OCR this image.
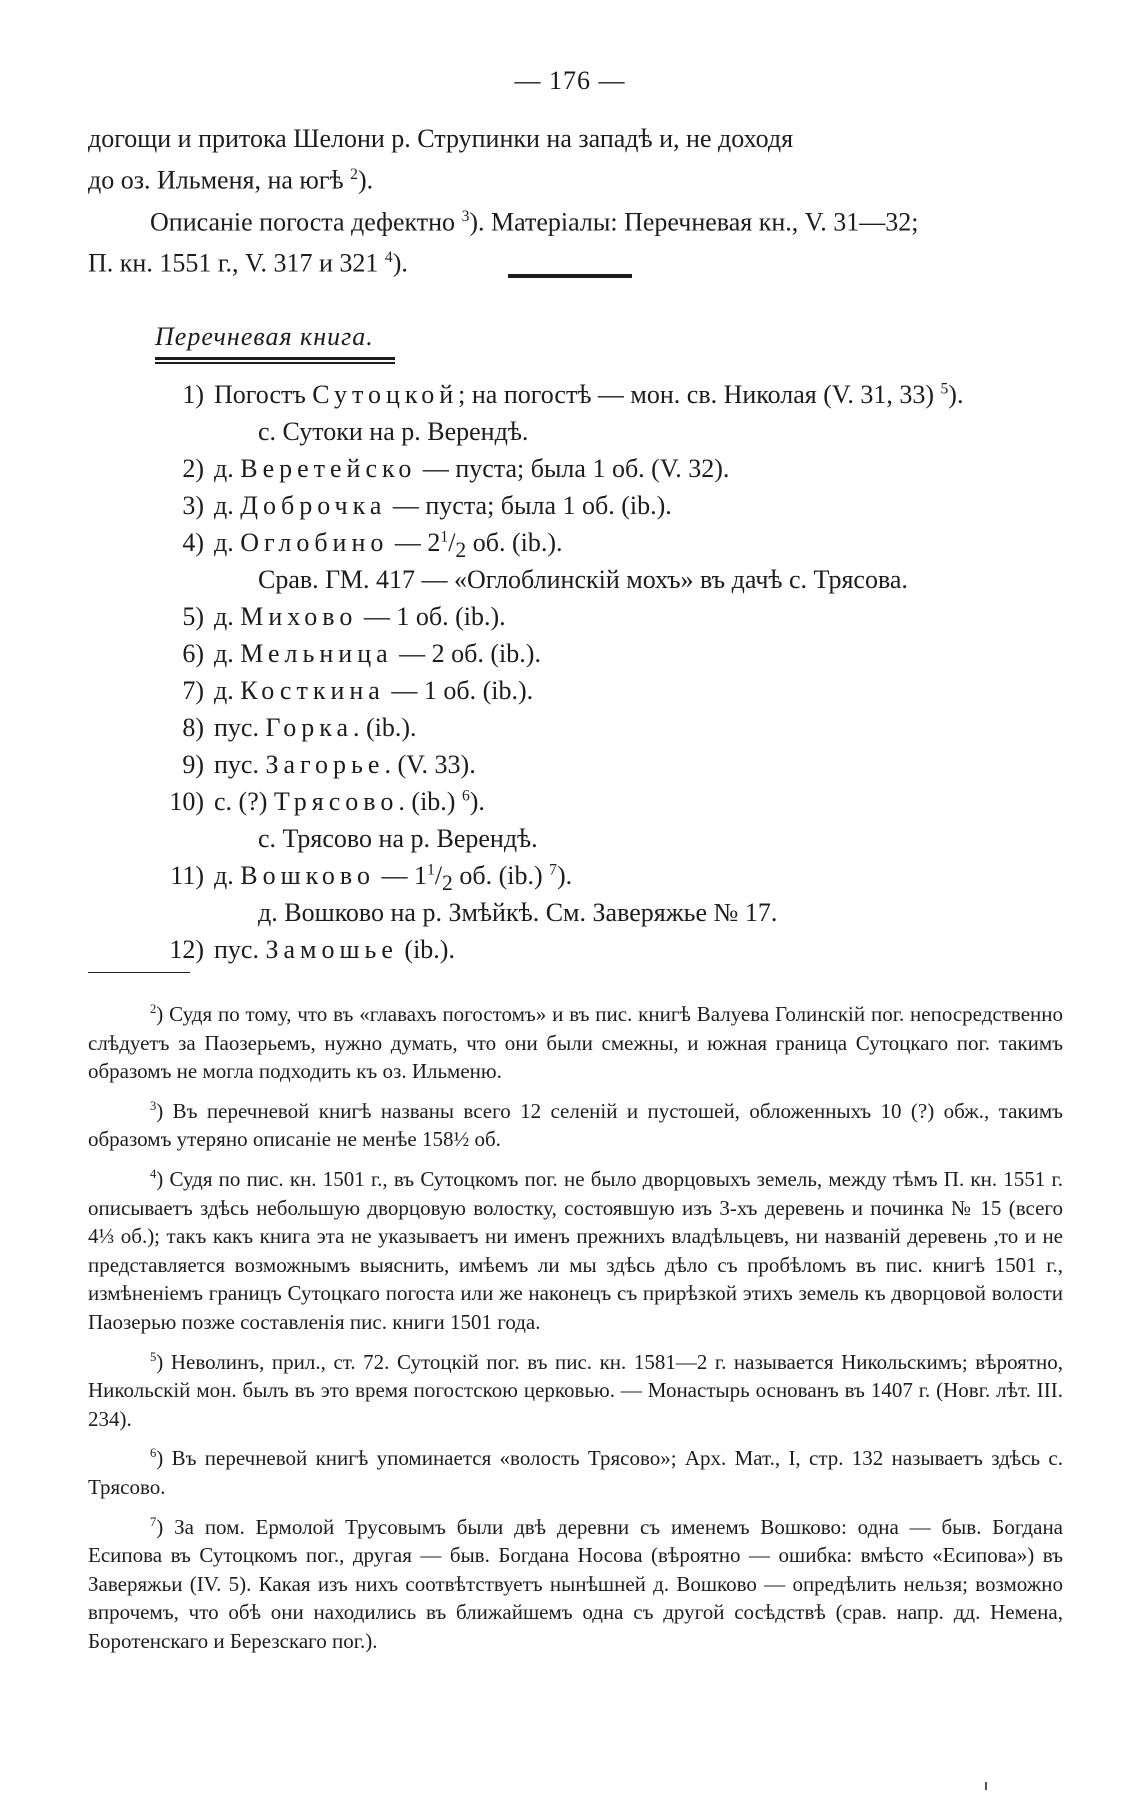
— 176 —

догощи и притока Шелони р. Струпинки на западѣ и, не доходя

до оз. Ильменя, на югѣ $^2$).

Описаніе погоста дефектно $^3$). Матеріалы: Перечневая кн., V. 31—32;

П. кн. 1551 г., V. 317 и 321 $^4$).

Перечневая книга.
1) Погостъ Сутоцкой; на погостѣ — мон. св. Николая (V. 31, 33) $^5$).
с. Сутоки на р. Верендѣ.
2) д. Веретейско — пуста; была 1 об. (V. 32).
3) д. Доброчка — пуста; была 1 об. (ib.).
4) д. Оглобино — $2^1/_2$ об. (ib.).
Срав. ГМ. 417 — «Оглоблинскій мохъ» въ дачѣ с. Трясова.
5) д. Михово — 1 об. (ib.).
6) д. Мельница — 2 об. (ib.).
7) д. Косткина — 1 об. (ib.).
8) пус. Горка. (ib.).
9) пус. Загорье. (V. 33).
10) с. (?) Трясово. (ib.) $^6$).
с. Трясово на р. Верендѣ.
11) д. Вошково — $1^1/_2$ об. (ib.) $^7$).
д. Вошково на р. Змѣйкѣ. См. Заверяжье № 17.
12) пус. Замошье (ib.).

$^2$) Судя по тому, что въ «главахъ погостомъ» и въ пис. книгѣ Валуева Голинскій пог. непосредственно слѣдуетъ за Паозерьемъ, нужно думать, что они были смежны, и южная граница Сутоцкаго пог. такимъ образомъ не могла подходить къ оз. Ильменю.

$^3$) Въ перечневой книгѣ названы всего 12 селеній и пустошей, обложенныхъ 10 (?) обж., такимъ образомъ утеряно описаніе не менѣе 158½ об.

$^4$) Судя по пис. кн. 1501 г., въ Сутоцкомъ пог. не было дворцовыхъ земель, между тѣмъ П. кн. 1551 г. описываетъ здѣсь небольшую дворцовую волостку, состоявшую изъ 3-хъ деревень и починка № 15 (всего 4⅓ об.); такъ какъ книга эта не указываетъ ни именъ прежнихъ владѣльцевъ, ни названій деревень ,то и не представляется возможнымъ выяснить, имѣемъ ли мы здѣсь дѣло съ пробѣломъ въ пис. книгѣ 1501 г., измѣненіемъ границъ Сутоцкаго погоста или же наконецъ съ прирѣзкой этихъ земель къ дворцовой волости Паозерью позже составленія пис. книги 1501 года.

$^5$) Неволинъ, прил., ст. 72. Сутоцкій пог. въ пис. кн. 1581—2 г. называется Никольскимъ; вѣроятно, Никольскій мон. былъ въ это время погостскою церковью. — Монастырь основанъ въ 1407 г. (Новг. лѣт. III. 234).

$^6$) Въ перечневой книгѣ упоминается «волость Трясово»; Арх. Мат., I, стр. 132 называетъ здѣсь с. Трясово.

$^7$) За пом. Ермолой Трусовымъ были двѣ деревни съ именемъ Вошково: одна — быв. Богдана Есипова въ Сутоцкомъ пог., другая — быв. Богдана Носова (вѣроятно — ошибка: вмѣсто «Есипова») въ Заверяжьи (IV. 5). Какая изъ нихъ соотвѣтствуетъ нынѣшней д. Вошково — опредѣлить нельзя; возможно впрочемъ, что обѣ они находились въ ближайшемъ одна съ другой сосѣдствѣ (срав. напр. дд. Немена, Боротенскаго и Березскаго пог.).
